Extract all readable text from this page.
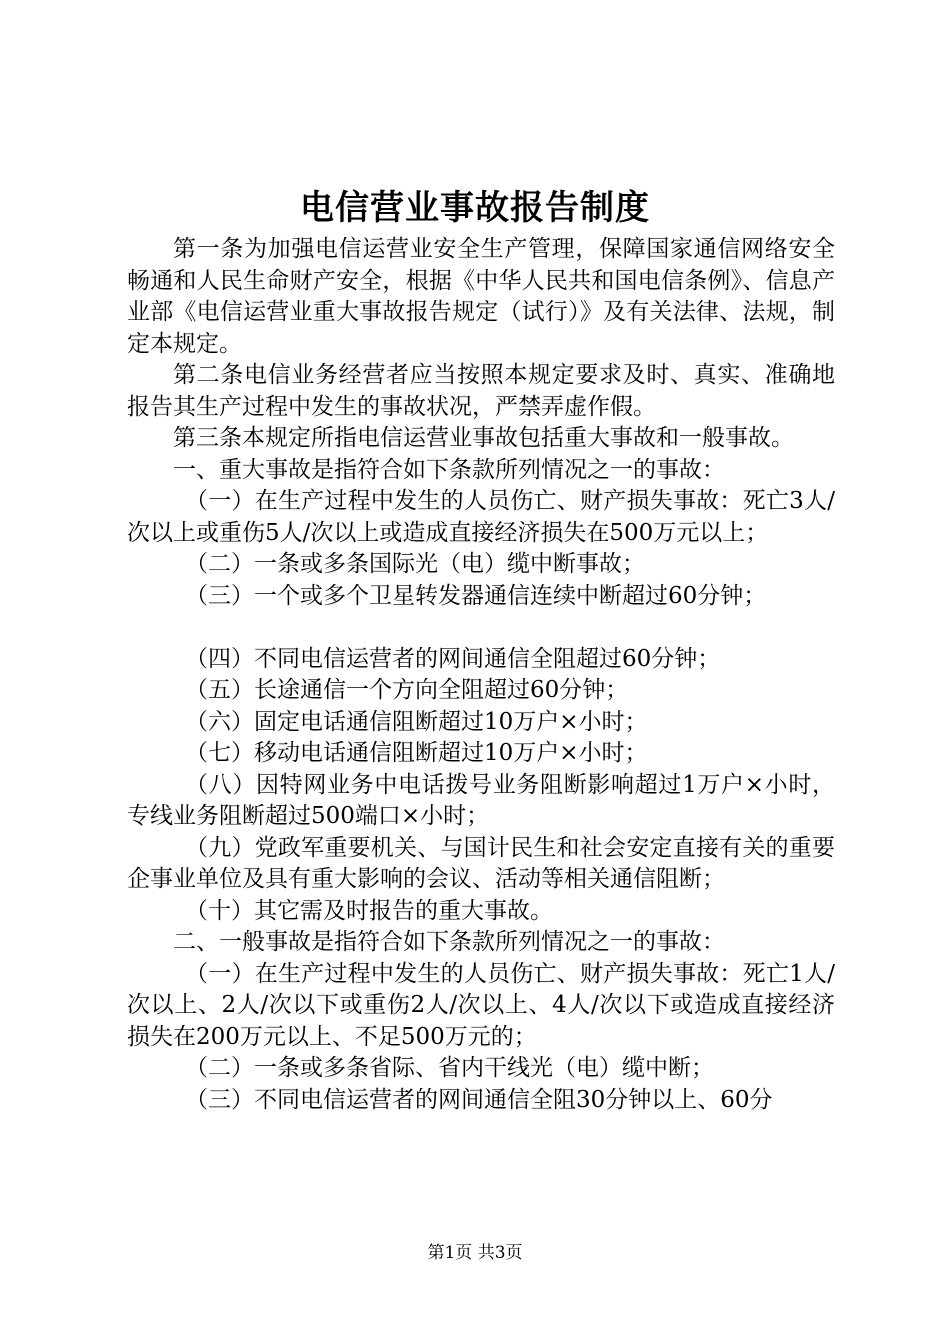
电信营业事故报告制度

第一条为加强电信运营业安全生产管理，保障国家通信网络安全畅通和人民生命财产安全，根据《中华人民共和国电信条例》、信息产业部《电信运营业重大事故报告规定（试行）》及有关法律、法规，制定本规定。

第二条电信业务经营者应当按照本规定要求及时、真实、准确地报告其生产过程中发生的事故状况，严禁弄虚作假。

第三条本规定所指电信运营业事故包括重大事故和一般事故。

一、重大事故是指符合如下条款所列情况之一的事故：

（一）在生产过程中发生的人员伤亡、财产损失事故：死亡3人/次以上或重伤5人/次以上或造成直接经济损失在500万元以上；

（二）一条或多条国际光（电）缆中断事故；

（三）一个或多个卫星转发器通信连续中断超过60分钟；

（四）不同电信运营者的网间通信全阻超过60分钟；

（五）长途通信一个方向全阻超过60分钟；

（六）固定电话通信阻断超过10万户×小时；

（七）移动电话通信阻断超过10万户×小时；

（八）因特网业务中电话拨号业务阻断影响超过1万户×小时，专线业务阻断超过500端口×小时；

（九）党政军重要机关、与国计民生和社会安定直接有关的重要企事业单位及具有重大影响的会议、活动等相关通信阻断；

（十）其它需及时报告的重大事故。

二、一般事故是指符合如下条款所列情况之一的事故：

（一）在生产过程中发生的人员伤亡、财产损失事故：死亡1人/次以上、2人/次以下或重伤2人/次以上、4人/次以下或造成直接经济损失在200万元以上、不足500万元的；

（二）一条或多条省际、省内干线光（电）缆中断；

（三）不同电信运营者的网间通信全阻30分钟以上、60分

第1页 共3页
